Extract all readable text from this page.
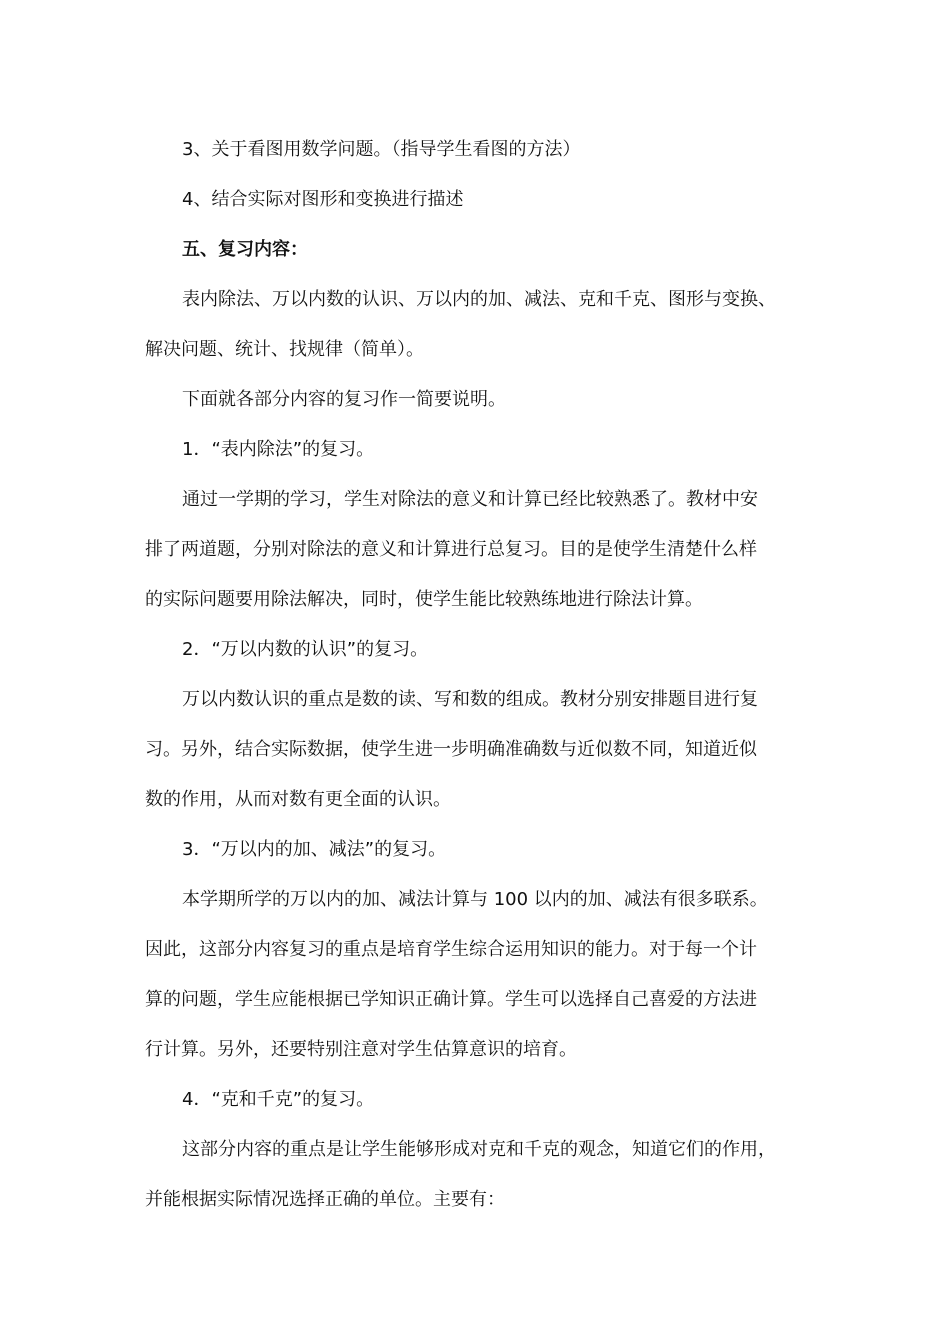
3、关于看图用数学问题。（指导学生看图的方法）
4、结合实际对图形和变换进行描述
五、复习内容：
表内除法、万以内数的认识、万以内的加、减法、克和千克、图形与变换、
解决问题、统计、找规律（简单）。
下面就各部分内容的复习作一简要说明。
1．“表内除法”的复习。
通过一学期的学习，学生对除法的意义和计算已经比较熟悉了。教材中安
排了两道题，分别对除法的意义和计算进行总复习。目的是使学生清楚什么样
的实际问题要用除法解决，同时，使学生能比较熟练地进行除法计算。
2．“万以内数的认识”的复习。
万以内数认识的重点是数的读、写和数的组成。教材分别安排题目进行复
习。另外，结合实际数据，使学生进一步明确准确数与近似数不同，知道近似
数的作用，从而对数有更全面的认识。
3．“万以内的加、减法”的复习。
本学期所学的万以内的加、减法计算与 100 以内的加、减法有很多联系。
因此，这部分内容复习的重点是培育学生综合运用知识的能力。对于每一个计
算的问题，学生应能根据已学知识正确计算。学生可以选择自己喜爱的方法进
行计算。另外，还要特别注意对学生估算意识的培育。
4．“克和千克”的复习。
这部分内容的重点是让学生能够形成对克和千克的观念，知道它们的作用，
并能根据实际情况选择正确的单位。主要有：
